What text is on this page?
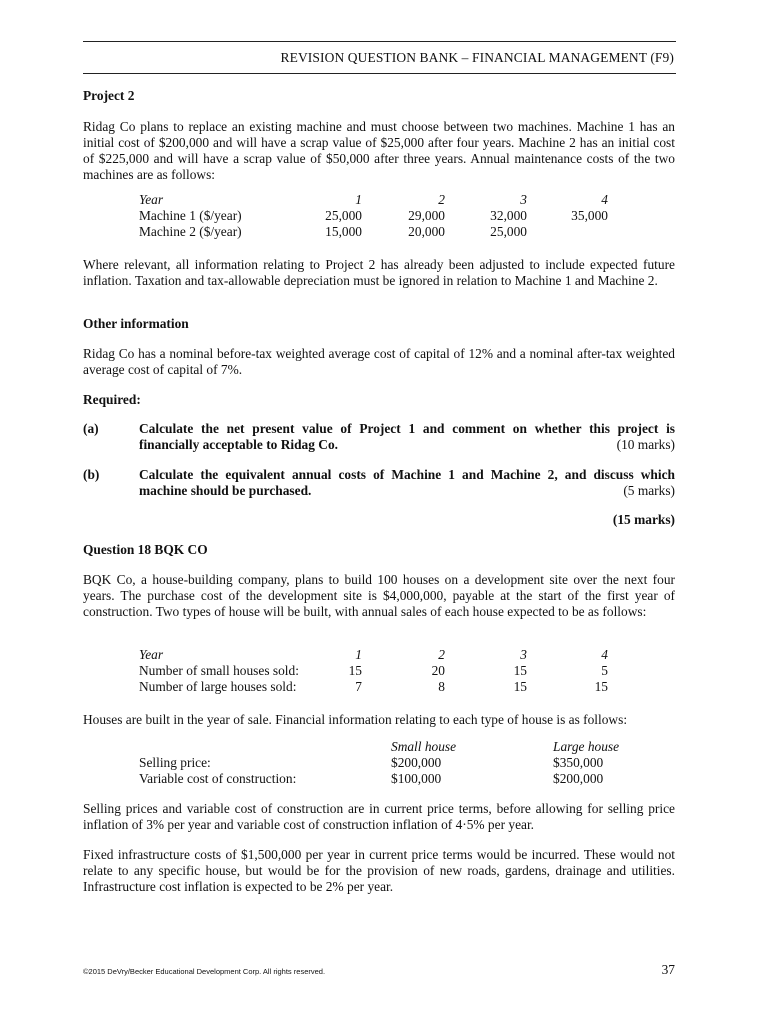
REVISION QUESTION BANK – FINANCIAL MANAGEMENT (F9)
Project 2
Ridag Co plans to replace an existing machine and must choose between two machines. Machine 1 has an initial cost of $200,000 and will have a scrap value of $25,000 after four years. Machine 2 has an initial cost of $225,000 and will have a scrap value of $50,000 after three years. Annual maintenance costs of the two machines are as follows:
Year	1	2	3	4
Machine 1 ($/year)	25,000	29,000	32,000	35,000
Machine 2 ($/year)	15,000	20,000	25,000	
Where relevant, all information relating to Project 2 has already been adjusted to include expected future inflation. Taxation and tax-allowable depreciation must be ignored in relation to Machine 1 and Machine 2.
Other information
Ridag Co has a nominal before-tax weighted average cost of capital of 12% and a nominal after-tax weighted average cost of capital of 7%.
Required:
(a)	Calculate the net present value of Project 1 and comment on whether this project is financially acceptable to Ridag Co.	(10 marks)
(b)	Calculate the equivalent annual costs of Machine 1 and Machine 2, and discuss which machine should be purchased.	(5 marks)
(15 marks)
Question 18 BQK CO
BQK Co, a house-building company, plans to build 100 houses on a development site over the next four years. The purchase cost of the development site is $4,000,000, payable at the start of the first year of construction. Two types of house will be built, with annual sales of each house expected to be as follows:
Year	1	2	3	4
Number of small houses sold:	15	20	15	5
Number of large houses sold:	7	8	15	15
Houses are built in the year of sale. Financial information relating to each type of house is as follows:
	Small house	Large house
Selling price:	$200,000	$350,000
Variable cost of construction:	$100,000	$200,000
Selling prices and variable cost of construction are in current price terms, before allowing for selling price inflation of 3% per year and variable cost of construction inflation of 4·5% per year.
Fixed infrastructure costs of $1,500,000 per year in current price terms would be incurred. These would not relate to any specific house, but would be for the provision of new roads, gardens, drainage and utilities. Infrastructure cost inflation is expected to be 2% per year.
©2015 DeVry/Becker Educational Development Corp. All rights reserved.	37
